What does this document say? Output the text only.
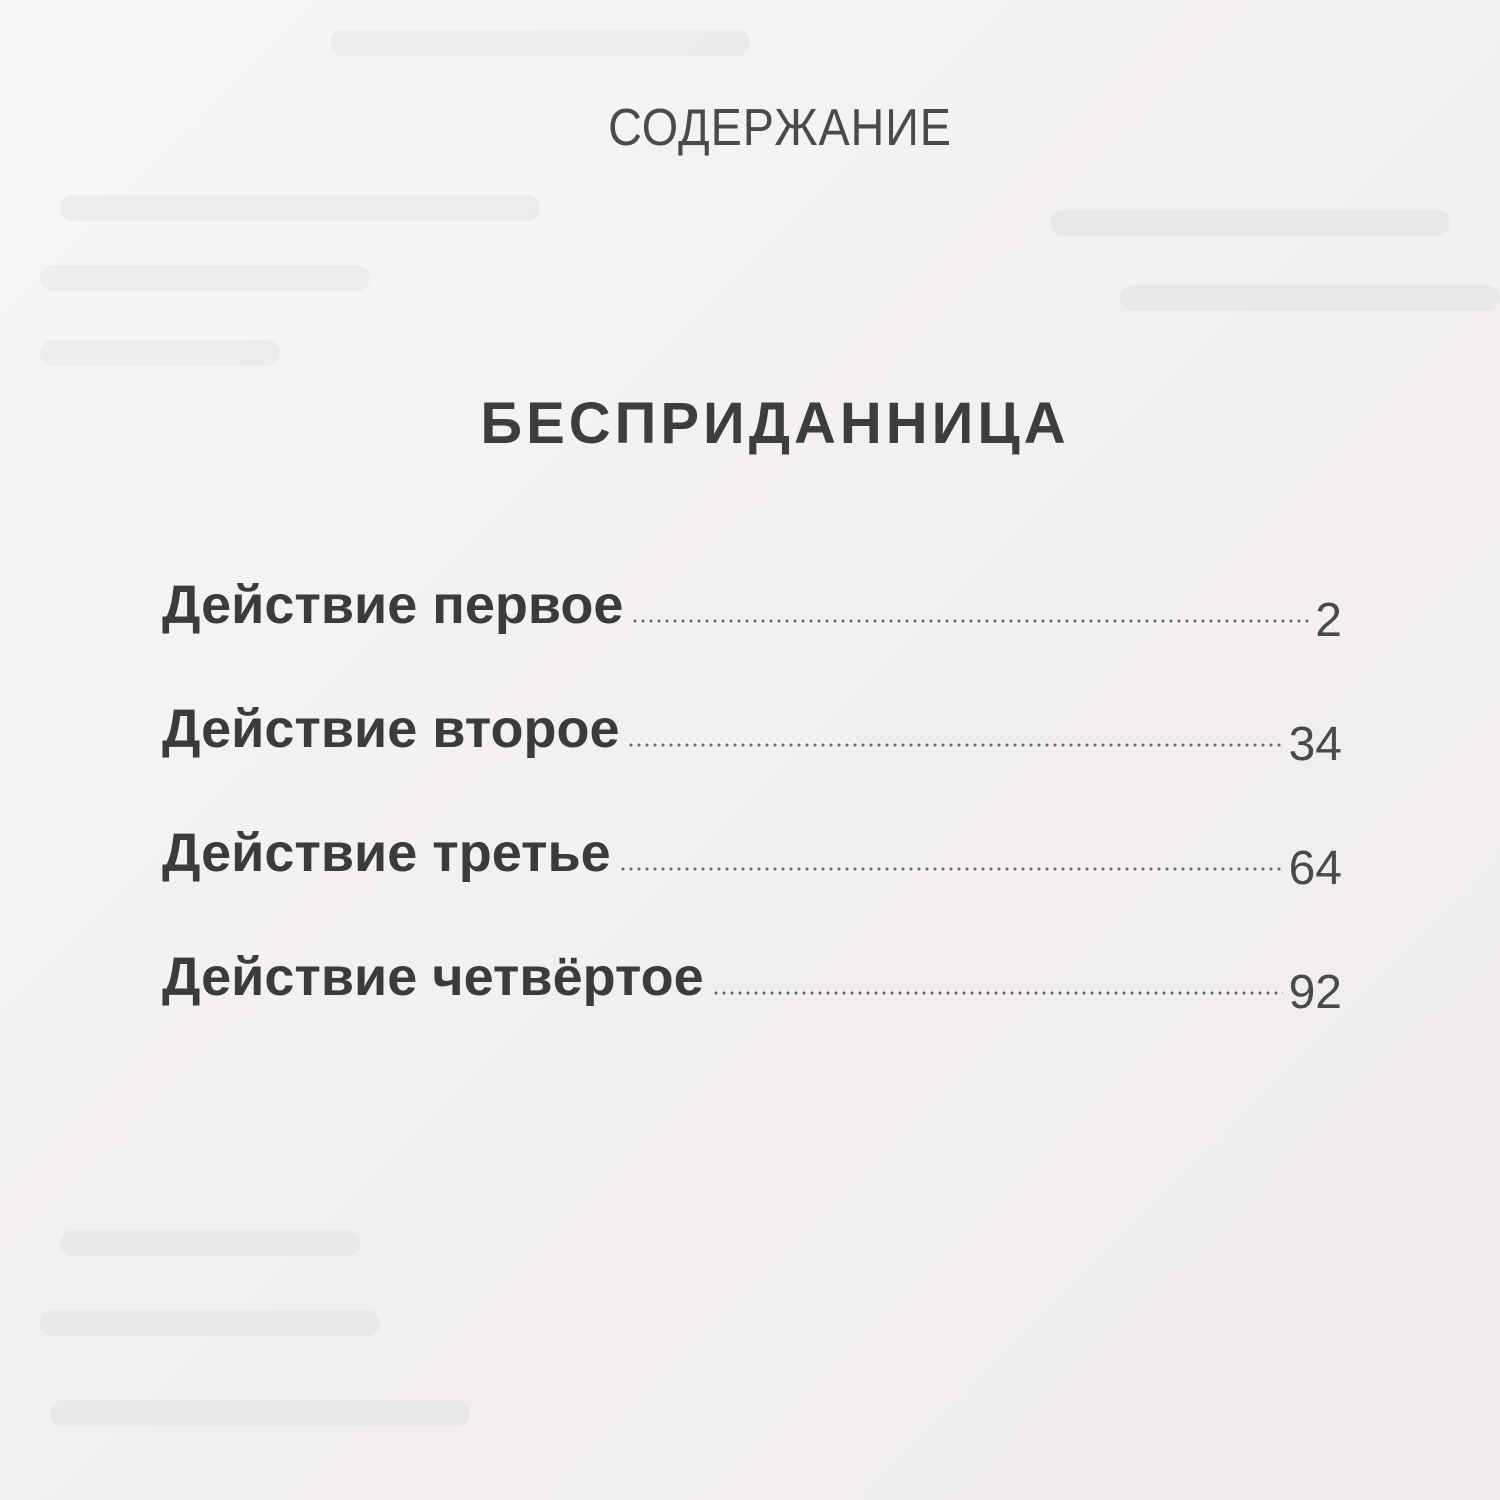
СОДЕРЖАНИЕ
БЕСПРИДАННИЦА
Действие первое	2
Действие второе	34
Действие третье	64
Действие четвёртое	92
